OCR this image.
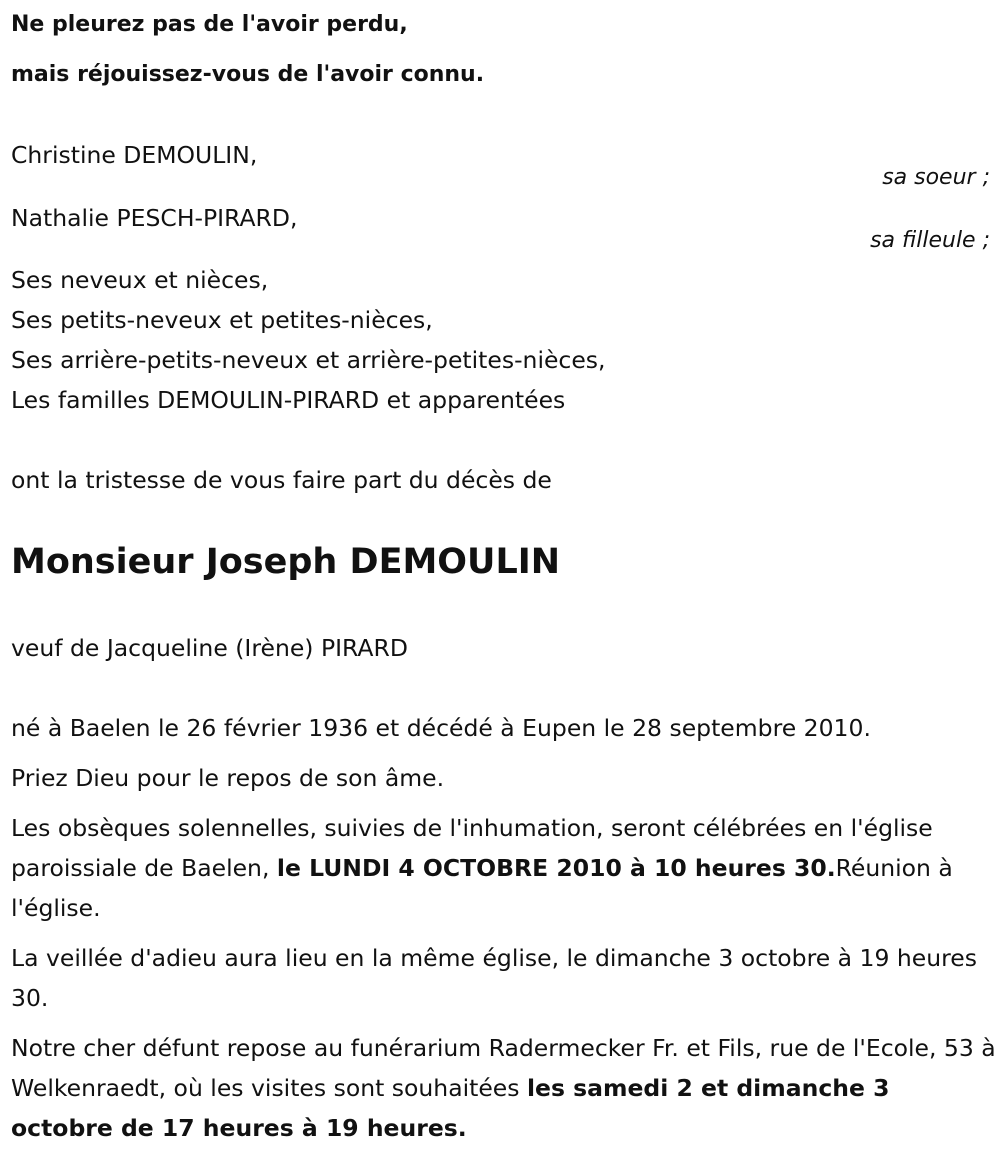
Ne pleurez pas de l'avoir perdu,
mais réjouissez-vous de l'avoir connu.
Christine DEMOULIN,
sa soeur ;
Nathalie PESCH-PIRARD,
sa filleule ;
Ses neveux et nièces,
Ses petits-neveux et petites-nièces,
Ses arrière-petits-neveux et arrière-petites-nièces,
Les familles DEMOULIN-PIRARD et apparentées
ont la tristesse de vous faire part du décès de
Monsieur Joseph DEMOULIN
veuf de Jacqueline (Irène) PIRARD
né à Baelen le 26 février 1936 et décédé à Eupen le 28 septembre 2010.
Priez Dieu pour le repos de son âme.
Les obsèques solennelles, suivies de l'inhumation, seront célébrées en l'église paroissiale de Baelen, le LUNDI 4 OCTOBRE 2010 à 10 heures 30.Réunion à l'église.
La veillée d'adieu aura lieu en la même église, le dimanche 3 octobre à 19 heures 30.
Notre cher défunt repose au funérarium Radermecker Fr. et Fils, rue de l'Ecole, 53 à Welkenraedt, où les visites sont souhaitées les samedi 2 et dimanche 3 octobre de 17 heures à 19 heures.
